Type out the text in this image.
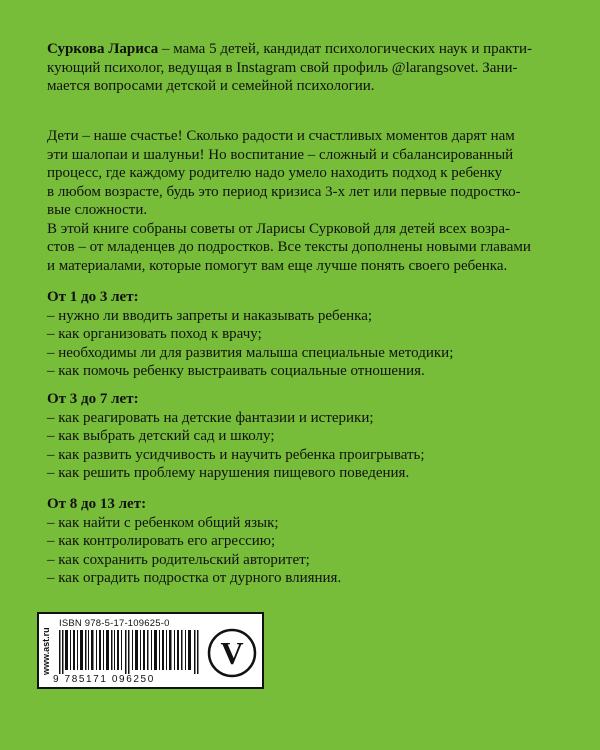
Суркова Лариса – мама 5 детей, кандидат психологических наук и практи-
кующий психолог, ведущая в Instagram свой профиль @larangsovet. Зани-
мается вопросами детской и семейной психологии.

Дети – наше счастье! Сколько радости и счастливых моментов дарят нам

эти шалопаи и шалуньи! Но воспитание – сложный и сбалансированный

процесс, где каждому родителю надо умело находить подход к ребенку

в любом возрасте, будь это период кризиса 3-х лет или первые подростко-

вые сложности.

В этой книге собраны советы от Ларисы Сурковой для детей всех возра-

стов – от младенцев до подростков. Все тексты дополнены новыми главами

и материалами, которые помогут вам еще лучше понять своего ребенка.

От 1 до 3 лет:
– нужно ли вводить запреты и наказывать ребенка;
– как организовать поход к врачу;
– необходимы ли для развития малыша специальные методики;
– как помочь ребенку выстраивать социальные отношения.
От 3 до 7 лет:
– как реагировать на детские фантазии и истерики;
– как выбрать детский сад и школу;
– как развить усидчивость и научить ребенка проигрывать;
– как решить проблему нарушения пищевого поведения.
От 8 до 13 лет:
– как найти с ребенком общий язык;
– как контролировать его агрессию;
– как сохранить родительский авторитет;
– как оградить подростка от дурного влияния.
www.ast.ru
ISBN 978-5-17-109625-0
9 785171 096250
V
